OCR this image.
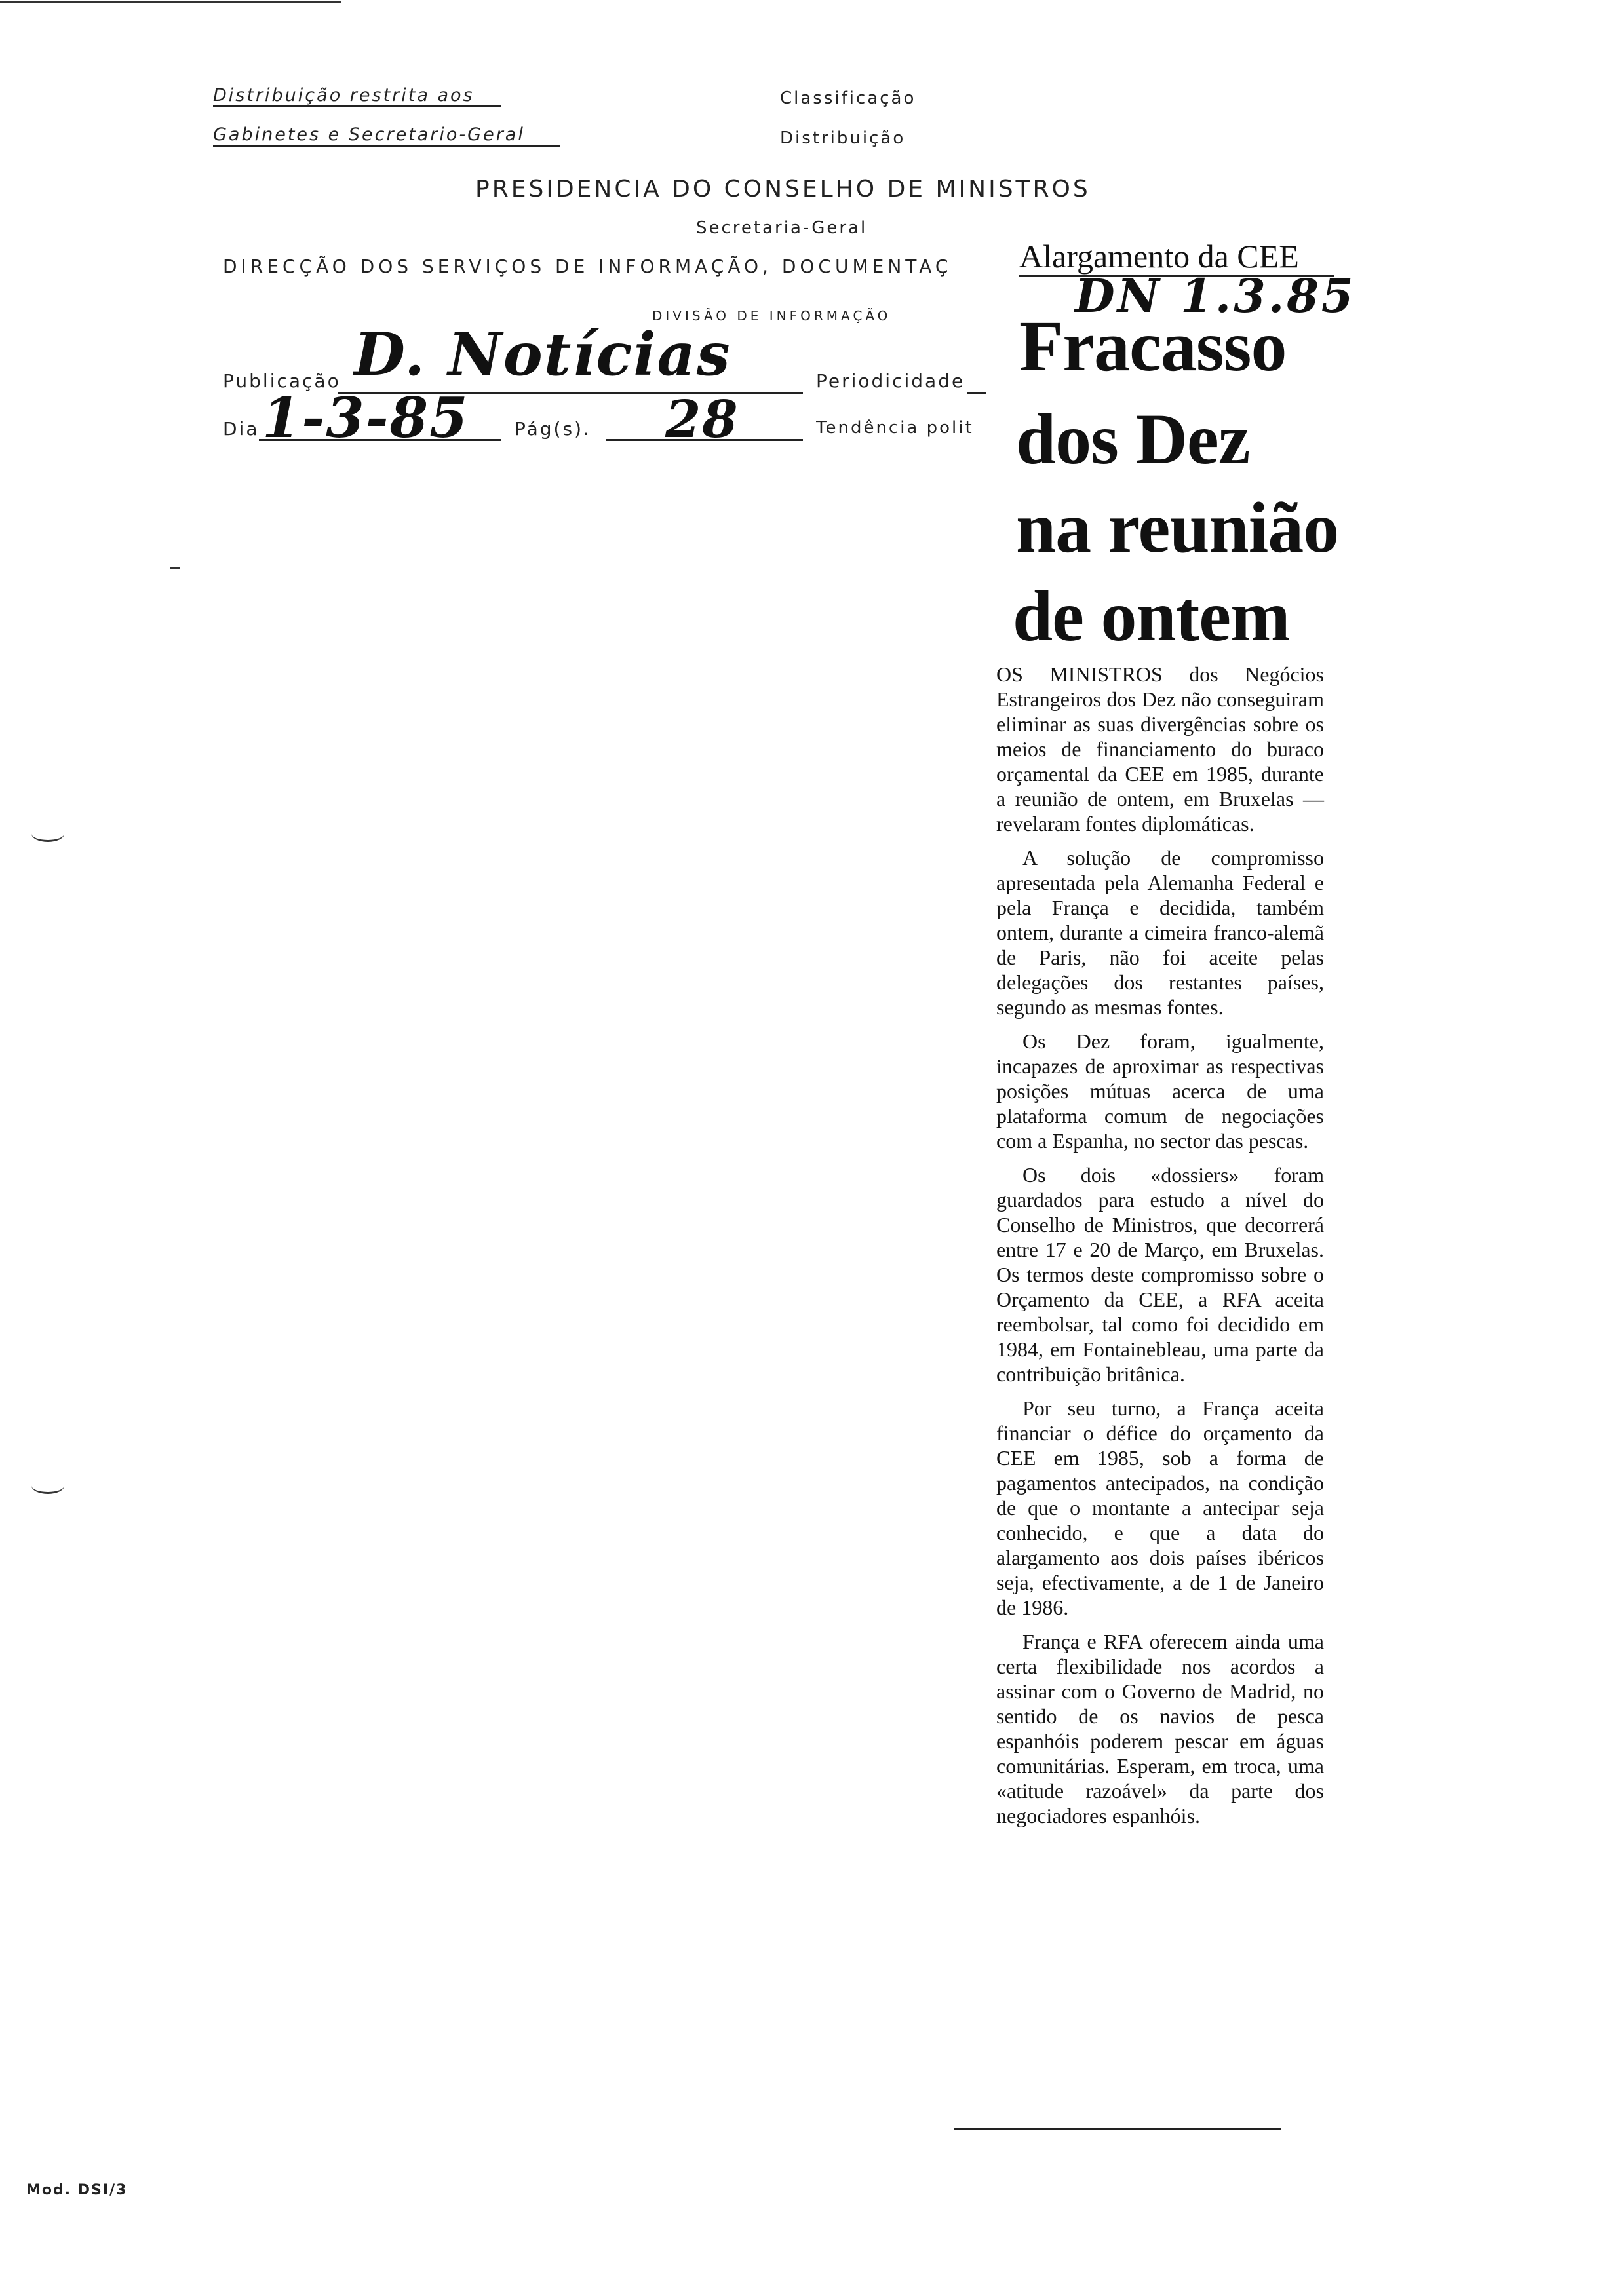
Distribuição restrita aos
Gabinetes e Secretario-Geral
Classificação
Distribuição
PRESIDENCIA DO CONSELHO DE MINISTROS
Secretaria-Geral
DIRECÇÃO DOS SERVIÇOS DE INFORMAÇÃO, DOCUMENTAÇ
DIVISÃO DE INFORMAÇÃO
Publicação D. Notícias	Periodicidade
Dia 1-3-85 Pág(s). 28	Tendência polit
Alargamento da CEE
DN 1.3.85
Fracasso
dos Dez
na reunião
de ontem

OS MINISTROS dos Negócios Estrangeiros dos Dez não conseguiram eliminar as suas divergências sobre os meios de financiamento do buraco orçamental da CEE em 1985, durante a reunião de ontem, em Bruxelas — revelaram fontes diplomáticas.

A solução de compromisso apresentada pela Alemanha Federal e pela França e decidida, também ontem, durante a cimeira franco-alemã de Paris, não foi aceite pelas delegações dos restantes países, segundo as mesmas fontes.

Os Dez foram, igualmente, incapazes de aproximar as respectivas posições mútuas acerca de uma plataforma comum de negociações com a Espanha, no sector das pescas.

Os dois «dossiers» foram guardados para estudo a nível do Conselho de Ministros, que decorrerá entre 17 e 20 de Março, em Bruxelas. Os termos deste compromisso sobre o Orçamento da CEE, a RFA aceita reembolsar, tal como foi decidido em 1984, em Fontainebleau, uma parte da contribuição britânica.

Por seu turno, a França aceita financiar o défice do orçamento da CEE em 1985, sob a forma de pagamentos antecipados, na condição de que o montante a antecipar seja conhecido, e que a data do alargamento aos dois países ibéricos seja, efectivamente, a de 1 de Janeiro de 1986.

França e RFA oferecem ainda uma certa flexibilidade nos acordos a assinar com o Governo de Madrid, no sentido de os navios de pesca espanhóis poderem pescar em águas comunitárias. Esperam, em troca, uma «atitude razoável» da parte dos negociadores espanhóis.

Mod. DSI/3
